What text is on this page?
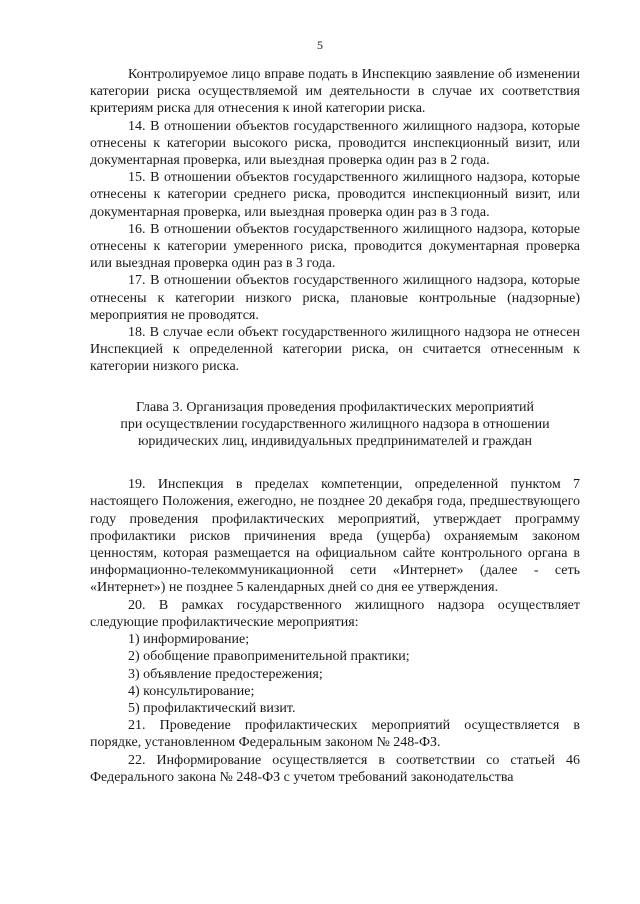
5

Контролируемое лицо вправе подать в Инспекцию заявление об изменении категории риска осуществляемой им деятельности в случае их соответствия критериям риска для отнесения к иной категории риска.

14. В отношении объектов государственного жилищного надзора, которые отнесены к категории высокого риска, проводится инспекционный визит, или документарная проверка, или выездная проверка один раз в 2 года.

15. В отношении объектов государственного жилищного надзора, которые отнесены к категории среднего риска, проводится инспекционный визит, или документарная проверка, или выездная проверка один раз в 3 года.

16. В отношении объектов государственного жилищного надзора, которые отнесены к категории умеренного риска, проводится документарная проверка или выездная проверка один раз в 3 года.

17. В отношении объектов государственного жилищного надзора, которые отнесены к категории низкого риска, плановые контрольные (надзорные) мероприятия не проводятся.

18. В случае если объект государственного жилищного надзора не отнесен Инспекцией к определенной категории риска, он считается отнесенным к категории низкого риска.

Глава 3. Организация проведения профилактических мероприятий
при осуществлении государственного жилищного надзора в отношении
юридических лиц, индивидуальных предпринимателей и граждан

19. Инспекция в пределах компетенции, определенной пунктом 7 настоящего Положения, ежегодно, не позднее 20 декабря года, предшествующего году проведения профилактических мероприятий, утверждает программу профилактики рисков причинения вреда (ущерба) охраняемым законом ценностям, которая размещается на официальном сайте контрольного органа в информационно-телекоммуникационной сети «Интернет» (далее - сеть «Интернет») не позднее 5 календарных дней со дня ее утверждения.

20. В рамках государственного жилищного надзора осуществляет следующие профилактические мероприятия:

1) информирование;

2) обобщение правоприменительной практики;

3) объявление предостережения;

4) консультирование;

5) профилактический визит.

21. Проведение профилактических мероприятий осуществляется в порядке, установленном Федеральным законом № 248-ФЗ.

22. Информирование осуществляется в соответствии со статьей 46 Федерального закона № 248-ФЗ с учетом требований законодательства
